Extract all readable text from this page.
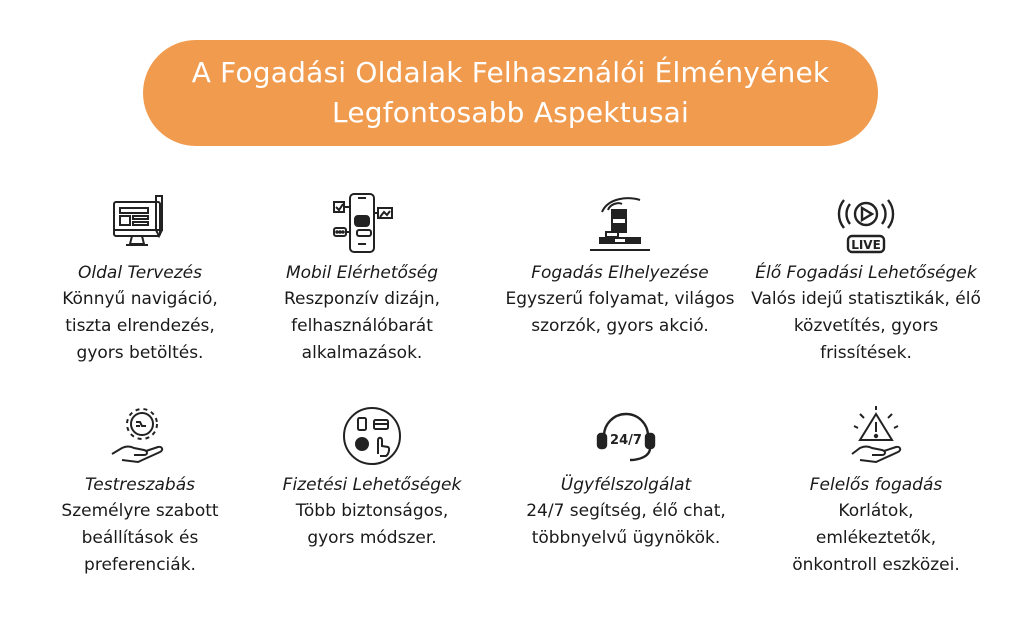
A Fogadási Oldalak Felhasználói Élményének
Legfontosabb Aspektusai
Oldal Tervezés
Könnyű navigáció, tiszta elrendezés, gyors betöltés.
Mobil Elérhetőség
Reszponzív dizájn, felhasználóbarát alkalmazások.
Fogadás Elhelyezése
Egyszerű folyamat, világos szorzók, gyors akció.
LIVE
Élő Fogadási Lehetőségek
Valós idejű statisztikák, élő közvetítés, gyors frissítések.
Testreszabás
Személyre szabott beállítások és preferenciák.
Fizetési Lehetőségek
Több biztonságos, gyors módszer.
24/7
Ügyfélszolgálat
24/7 segítség, élő chat, többnyelvű ügynökök.
Felelős fogadás
Korlátok, emlékeztetők, önkontroll eszközei.
